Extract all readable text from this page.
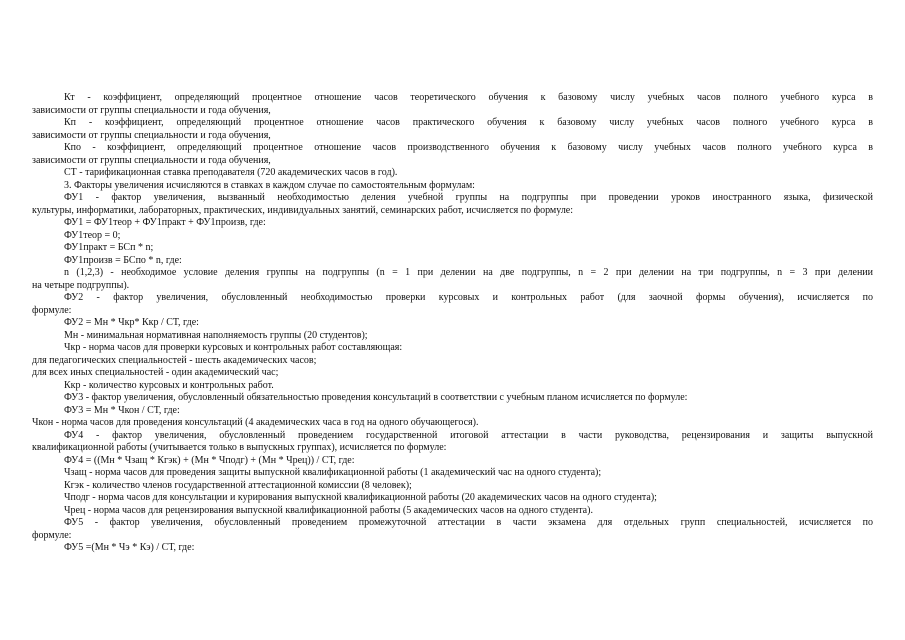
Кт - коэффициент, определяющий процентное отношение часов теоретического обучения к базовому числу учебных часов полного учебного курса в
зависимости от группы специальности и года обучения,
Кп - коэффициент, определяющий процентное отношение часов практического обучения к базовому числу учебных часов полного учебного курса в
зависимости от группы специальности и года обучения,
Кпо - коэффициент, определяющий процентное отношение часов производственного обучения к базовому числу учебных часов полного учебного курса в
зависимости от группы специальности и года обучения,
СТ - тарификационная ставка преподавателя (720 академических часов в год).
3. Факторы увеличения исчисляются в ставках в каждом случае по самостоятельным формулам:
ФУ1 - фактор увеличения, вызванный необходимостью деления учебной группы на подгруппы при проведении уроков иностранного языка, физической
культуры, информатики, лабораторных, практических, индивидуальных занятий, семинарских работ, исчисляется по формуле:
ФУ1 = ФУ1теор + ФУ1практ + ФУ1произв, где:
ФУ1теор = 0;
ФУ1практ = БСп * n;
ФУ1произв = БСпо * n, где:
n (1,2,3) - необходимое условие деления группы на подгруппы (n = 1 при делении на две подгруппы, n = 2 при делении на три подгруппы, n = 3 при делении
на четыре подгруппы).
ФУ2 - фактор увеличения, обусловленный необходимостью проверки курсовых и контрольных работ (для заочной формы обучения), исчисляется по
формуле:
ФУ2 = Мн * Чкр* Ккр / СТ, где:
Мн - минимальная нормативная наполняемость группы (20 студентов);
Чкр - норма часов для проверки курсовых и контрольных работ составляющая:
для педагогических специальностей - шесть академических часов;
для всех иных специальностей - один академический час;
Ккр - количество курсовых и контрольных работ.
ФУ3 - фактор увеличения, обусловленный обязательностью проведения консультаций в соответствии с учебным планом исчисляется по формуле:
ФУ3 = Мн * Чкон / СТ, где:
Чкон - норма часов для проведения консультаций (4 академических часа в год на одного обучающегося).
ФУ4 - фактор увеличения, обусловленный проведением государственной итоговой аттестации в части руководства, рецензирования и защиты выпускной
квалификационной работы (учитывается только в выпускных группах), исчисляется по формуле:
ФУ4 = ((Мн * Чзащ * Кгэк) + (Мн * Чподг) + (Мн * Чрец)) / СТ, где:
Чзащ - норма часов для проведения защиты выпускной квалификационной работы (1 академический час на одного студента);
Кгэк - количество членов государственной аттестационной комиссии (8 человек);
Чподг - норма часов для консультации и курирования выпускной квалификационной работы (20 академических часов на одного студента);
Чрец - норма часов для рецензирования выпускной квалификационной работы (5 академических часов на одного студента).
ФУ5 - фактор увеличения, обусловленный проведением промежуточной аттестации в части экзамена для отдельных групп специальностей, исчисляется по
формуле:
ФУ5 =(Мн * Чэ * Кэ) / СТ, где:
